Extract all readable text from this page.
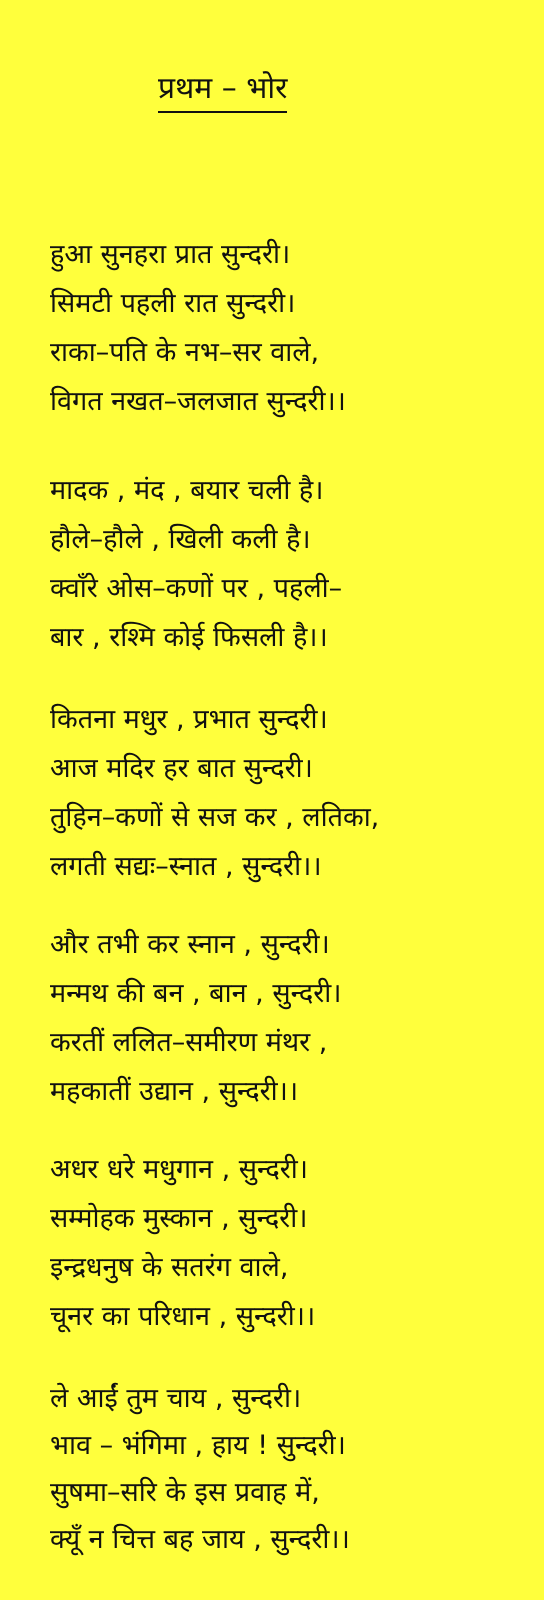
प्रथम – भोर
हुआ सुनहरा प्रात सुन्दरी।
सिमटी पहली रात सुन्दरी।
राका–पति के नभ–सर वाले,
विगत नखत–जलजात सुन्दरी।।
मादक , मंद , बयार चली है।
हौले–हौले , खिली कली है।
क्वाँरे ओस–कणों पर , पहली–
बार , रश्मि कोई फिसली है।।
कितना मधुर , प्रभात सुन्दरी।
आज मदिर हर बात सुन्दरी।
तुहिन–कणों से सज कर , लतिका,
लगती सद्यः–स्नात , सुन्दरी।।
और तभी कर स्नान , सुन्दरी।
मन्मथ की बन , बान , सुन्दरी।
करतीं ललित–समीरण मंथर ,
महकातीं उद्यान , सुन्दरी।।
अधर धरे मधुगान , सुन्दरी।
सम्मोहक मुस्कान , सुन्दरी।
इन्द्रधनुष के सतरंग वाले,
चूनर का परिधान , सुन्दरी।।
ले आईं तुम चाय , सुन्दरी।
भाव – भंगिमा , हाय ! सुन्दरी।
सुषमा–सरि के इस प्रवाह में,
क्यूँ न चित्त बह जाय , सुन्दरी।।
